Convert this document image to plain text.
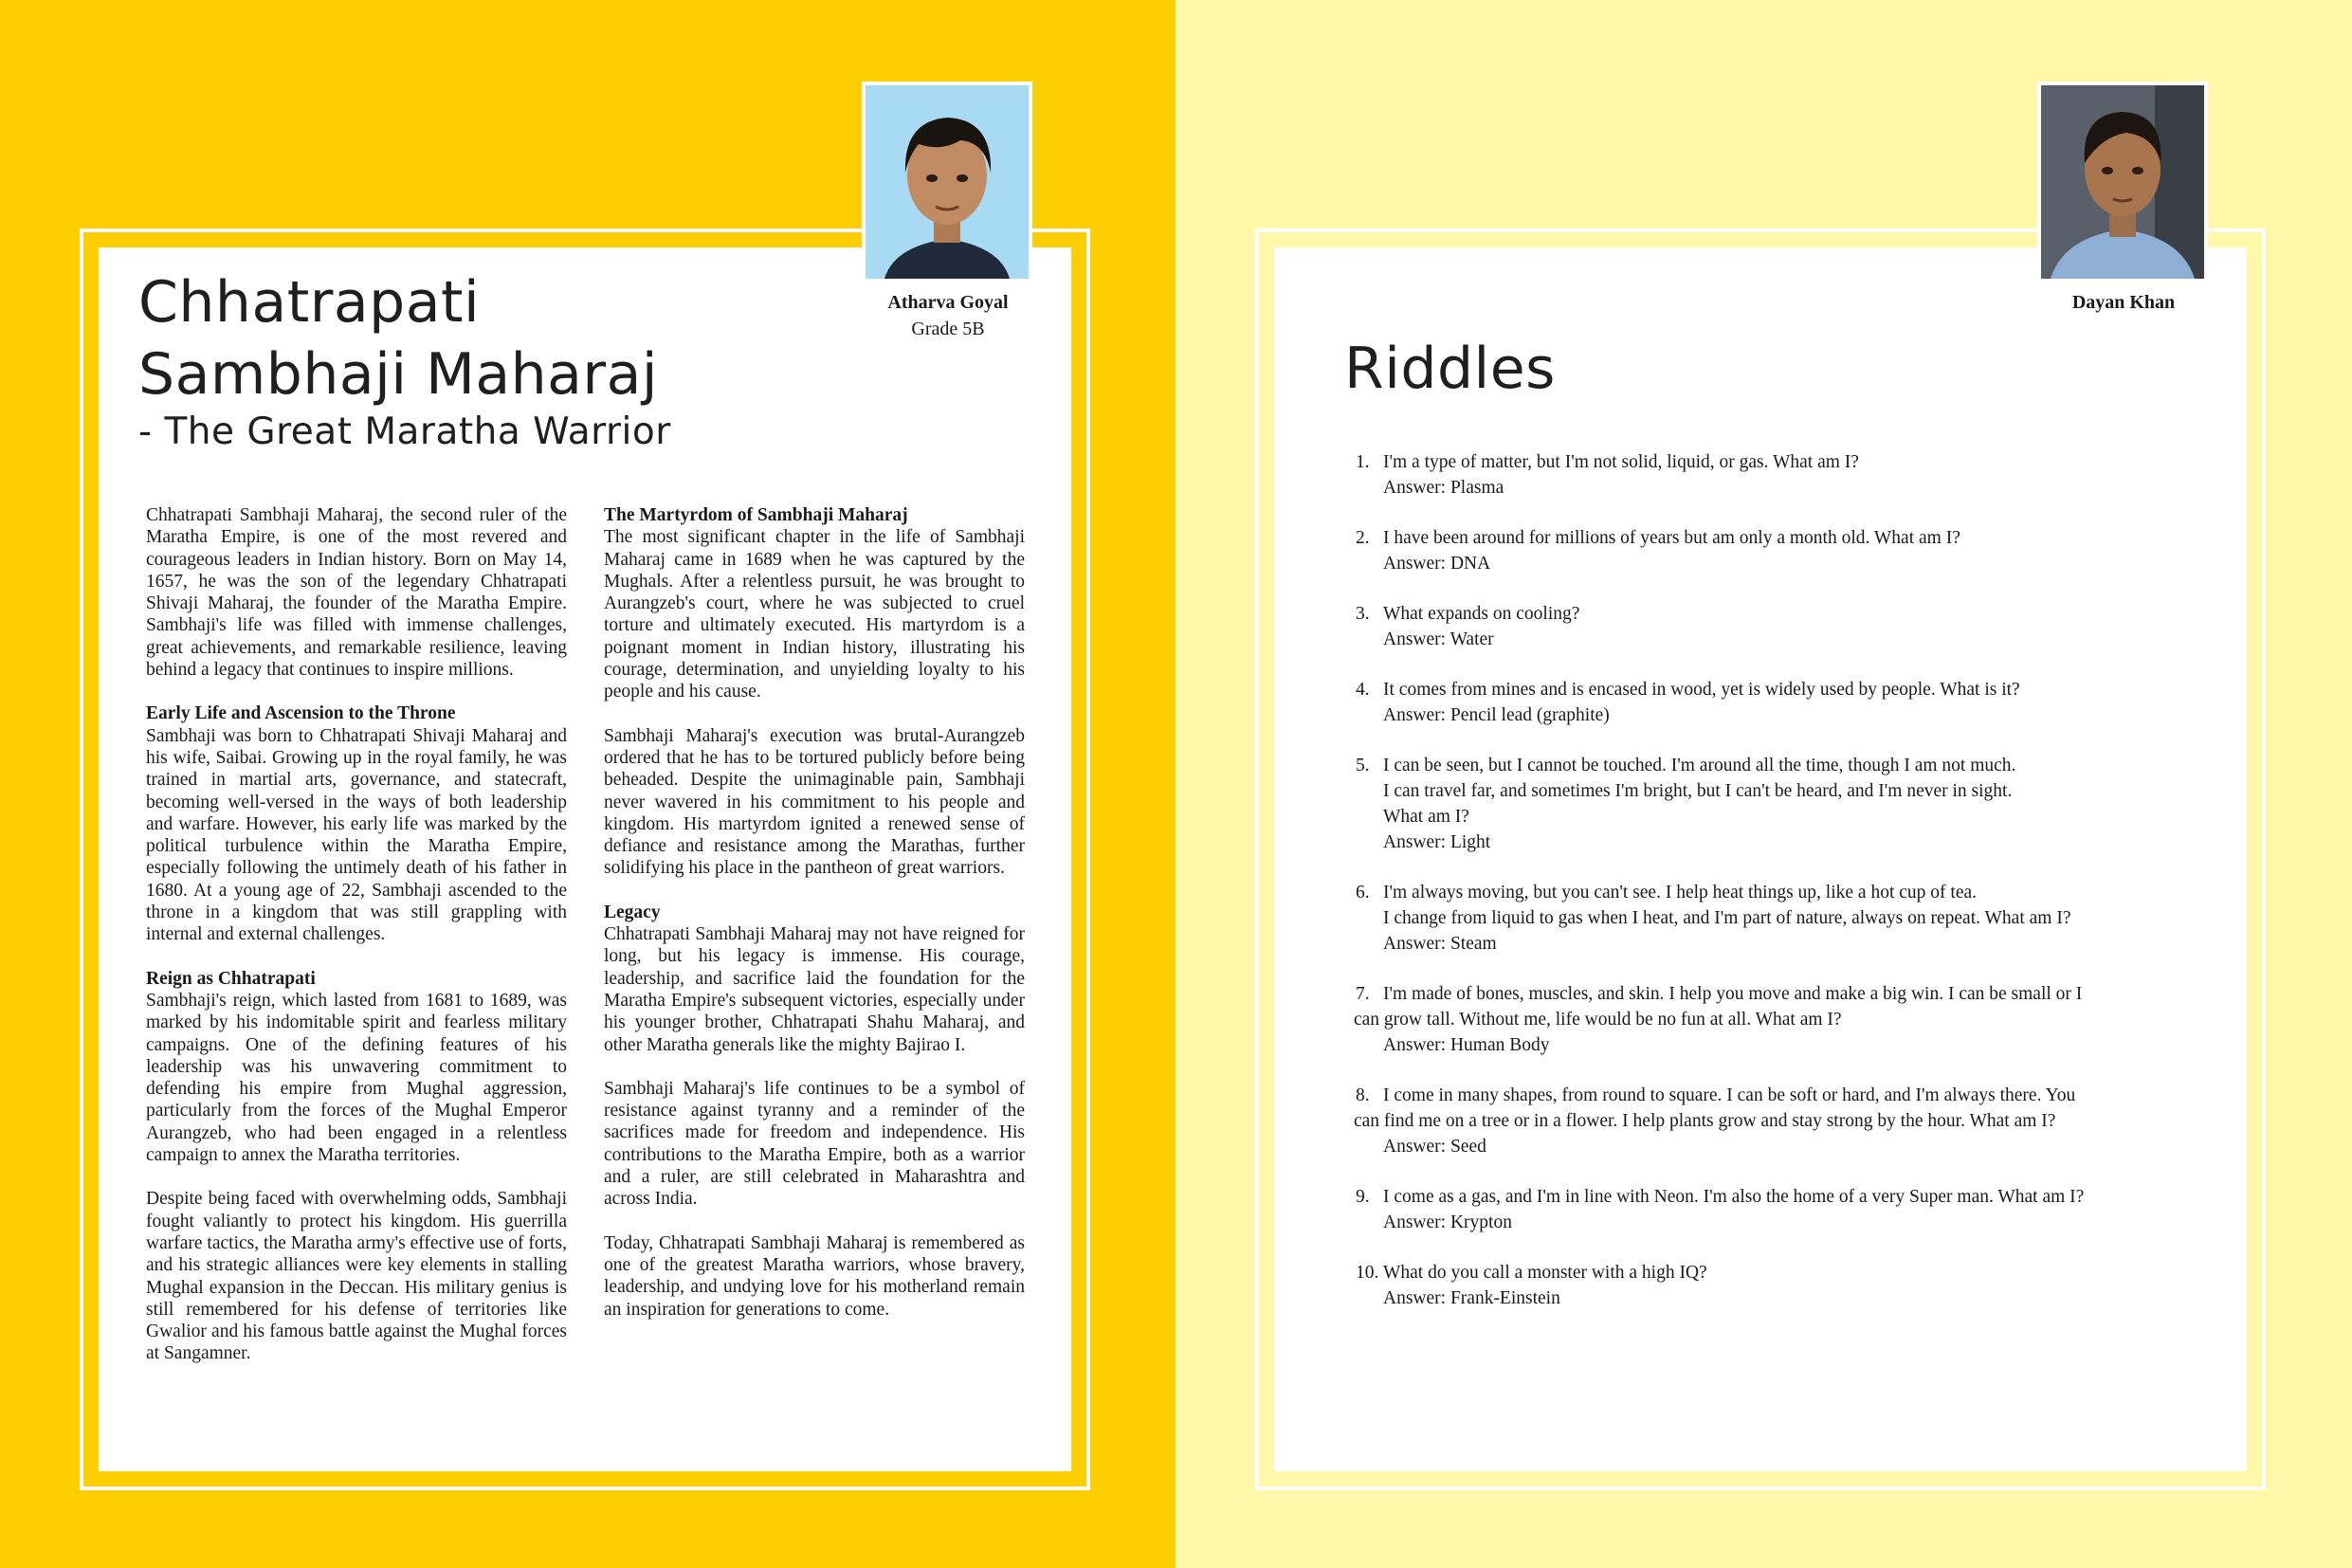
Atharva Goyal
Grade 5B
Chhatrapati
Sambhaji Maharaj
- The Great Maratha Warrior

Chhatrapati Sambhaji Maharaj, the second ruler of the Maratha Empire, is one of the most revered and courageous leaders in Indian history. Born on May 14, 1657, he was the son of the legendary Chhatrapati Shivaji Maharaj, the founder of the Maratha Empire. Sambhaji's life was filled with immense challenges, great achievements, and remarkable resilience, leaving behind a legacy that continues to inspire millions.

Early Life and Ascension to the Throne
Sambhaji was born to Chhatrapati Shivaji Maharaj and his wife, Saibai. Growing up in the royal family, he was trained in martial arts, governance, and statecraft, becoming well-versed in the ways of both leadership and warfare. However, his early life was marked by the political turbulence within the Maratha Empire, especially following the untimely death of his father in 1680. At a young age of 22, Sambhaji ascended to the throne in a kingdom that was still grappling with internal and external challenges.

Reign as Chhatrapati
Sambhaji's reign, which lasted from 1681 to 1689, was marked by his indomitable spirit and fearless military campaigns. One of the defining features of his leadership was his unwavering commitment to defending his empire from Mughal aggression, particularly from the forces of the Mughal Emperor Aurangzeb, who had been engaged in a relentless campaign to annex the Maratha territories.

Despite being faced with overwhelming odds, Sambhaji fought valiantly to protect his kingdom. His guerrilla warfare tactics, the Maratha army's effective use of forts, and his strategic alliances were key elements in stalling Mughal expansion in the Deccan. His military genius is still remembered for his defense of territories like Gwalior and his famous battle against the Mughal forces at Sangamner.

The Martyrdom of Sambhaji Maharaj
The most significant chapter in the life of Sambhaji Maharaj came in 1689 when he was captured by the Mughals. After a relentless pursuit, he was brought to Aurangzeb's court, where he was subjected to cruel torture and ultimately executed. His martyrdom is a poignant moment in Indian history, illustrating his courage, determination, and unyielding loyalty to his people and his cause.

Sambhaji Maharaj's execution was brutal-Aurangzeb ordered that he has to be tortured publicly before being beheaded. Despite the unimaginable pain, Sambhaji never wavered in his commitment to his people and kingdom. His martyrdom ignited a renewed sense of defiance and resistance among the Marathas, further solidifying his place in the pantheon of great warriors.

Legacy
Chhatrapati Sambhaji Maharaj may not have reigned for long, but his legacy is immense. His courage, leadership, and sacrifice laid the foundation for the Maratha Empire's subsequent victories, especially under his younger brother, Chhatrapati Shahu Maharaj, and other Maratha generals like the mighty Bajirao I.

Sambhaji Maharaj's life continues to be a symbol of resistance against tyranny and a reminder of the sacrifices made for freedom and independence. His contributions to the Maratha Empire, both as a warrior and a ruler, are still celebrated in Maharashtra and across India.

Today, Chhatrapati Sambhaji Maharaj is remembered as one of the greatest Maratha warriors, whose bravery, leadership, and undying love for his motherland remain an inspiration for generations to come.

Dayan Khan
Riddles
1. I'm a type of matter, but I'm not solid, liquid, or gas. What am I?
Answer: Plasma
2. I have been around for millions of years but am only a month old. What am I?
Answer: DNA
3. What expands on cooling?
Answer: Water
4. It comes from mines and is encased in wood, yet is widely used by people. What is it?
Answer: Pencil lead (graphite)
5. I can be seen, but I cannot be touched. I'm around all the time, though I am not much.
I can travel far, and sometimes I'm bright, but I can't be heard, and I'm never in sight.
What am I?
Answer: Light
6. I'm always moving, but you can't see. I help heat things up, like a hot cup of tea.
I change from liquid to gas when I heat, and I'm part of nature, always on repeat. What am I?
Answer: Steam
7. I'm made of bones, muscles, and skin. I help you move and make a big win. I can be small or I
can grow tall. Without me, life would be no fun at all. What am I?
Answer: Human Body
8. I come in many shapes, from round to square. I can be soft or hard, and I'm always there. You
can find me on a tree or in a flower. I help plants grow and stay strong by the hour. What am I?
Answer: Seed
9. I come as a gas, and I'm in line with Neon. I'm also the home of a very Super man. What am I?
Answer: Krypton
10. What do you call a monster with a high IQ?
Answer: Frank-Einstein
